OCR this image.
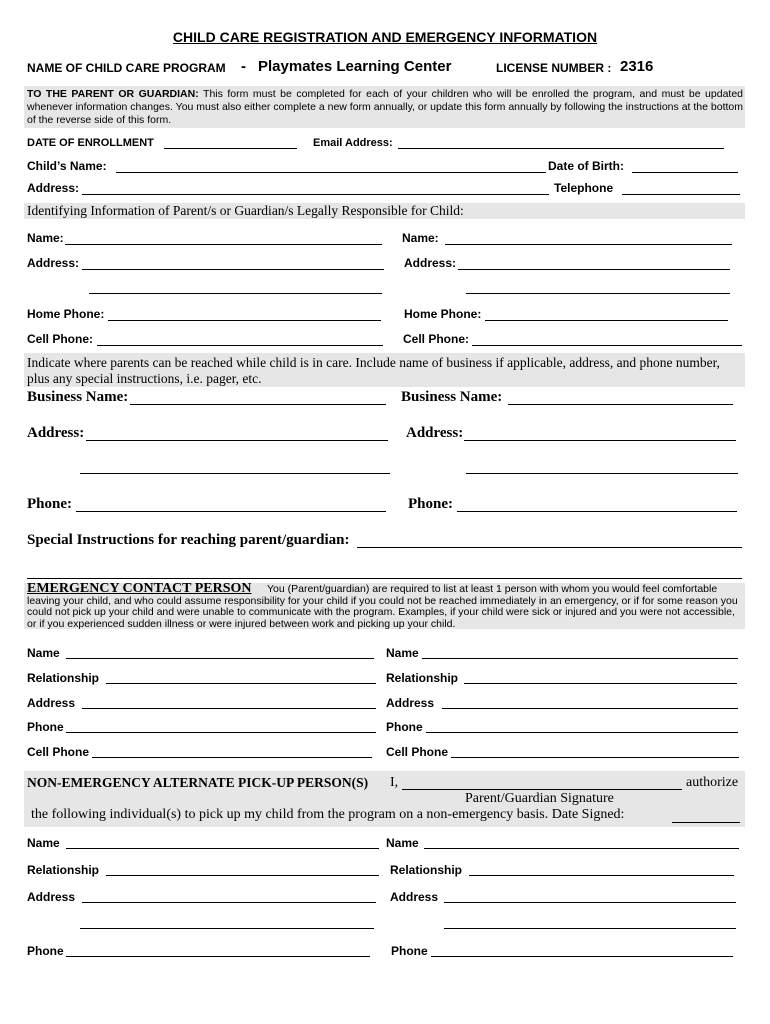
CHILD CARE REGISTRATION AND EMERGENCY INFORMATION
NAME OF CHILD CARE PROGRAM - Playmates Learning Center	LICENSE NUMBER : 2316
TO THE PARENT OR GUARDIAN: This form must be completed for each of your children who will be enrolled the program, and must be updated whenever information changes. You must also either complete a new form annually, or update this form annually by following the instructions at the bottom of the reverse side of this form.
DATE OF ENROLLMENT	Email Address:
Child’s Name:	Date of Birth:
Address:	Telephone
Identifying Information of Parent/s or Guardian/s Legally Responsible for Child:
Name:	Name:
Address:	Address:
Home Phone:	Home Phone:
Cell Phone:	Cell Phone:
Indicate where parents can be reached while child is in care. Include name of business if applicable, address, and phone number, plus any special instructions, i.e. pager, etc.
Business Name:	Business Name:
Address:	Address:
Phone:	Phone:
Special Instructions for reaching parent/guardian:
EMERGENCY CONTACT PERSON	You (Parent/guardian) are required to list at least 1 person with whom you would feel comfortable leaving your child, and who could assume responsibility for your child if you could not be reached immediately in an emergency, or if for some reason you could not pick up your child and were unable to communicate with the program. Examples, if your child were sick or injured and you were not accessible, or if you experienced sudden illness or were injured between work and picking up your child.
Name	Name
Relationship	Relationship
Address	Address
Phone	Phone
Cell Phone	Cell Phone
NON-EMERGENCY ALTERNATE PICK-UP PERSON(S) I,	authorize
Parent/Guardian Signature
the following individual(s) to pick up my child from the program on a non-emergency basis. Date Signed:
Name	Name
Relationship	Relationship
Address	Address
Phone	Phone
